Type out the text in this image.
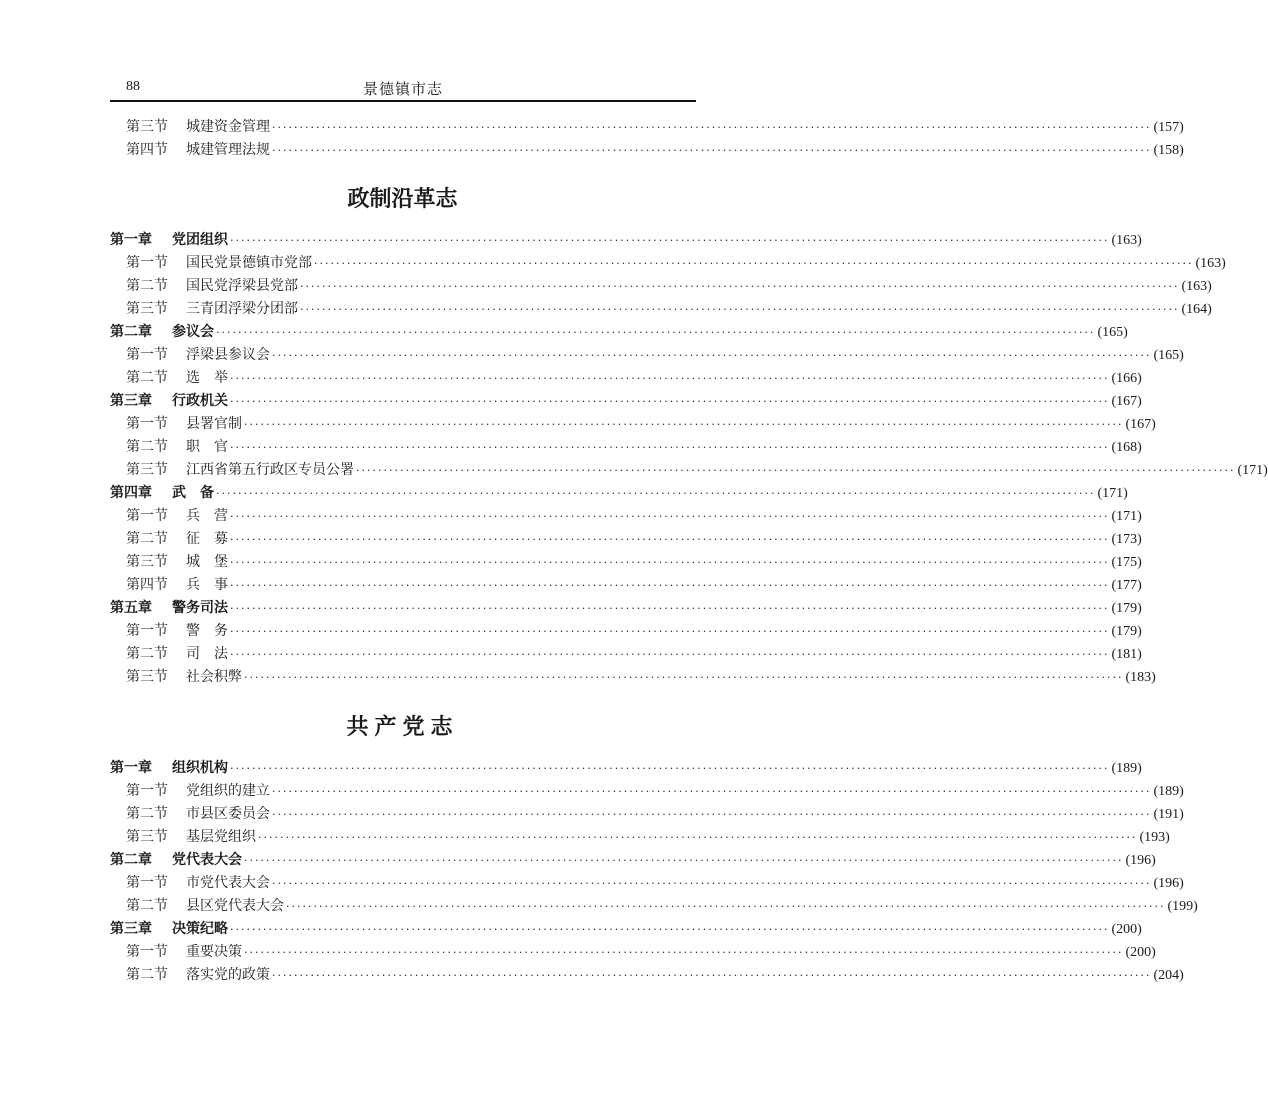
88	景德镇市志
第三节 城建资金管理 ································································································································································ (157)
第四节 城建管理法规 ································································································································································ (158)
政制沿革志
第一章 党团组织 ································································································································································ (163)
第一节 国民党景德镇市党部 ································································································································································ (163)
第二节 国民党浮梁县党部 ································································································································································ (163)
第三节 三青团浮梁分团部 ································································································································································ (164)
第二章 参议会 ································································································································································ (165)
第一节 浮梁县参议会 ································································································································································ (165)
第二节 选　举 ································································································································································ (166)
第三章 行政机关 ································································································································································ (167)
第一节 县署官制 ································································································································································ (167)
第二节 职　官 ································································································································································ (168)
第三节 江西省第五行政区专员公署 ································································································································································ (171)
第四章 武　备 ································································································································································ (171)
第一节 兵　营 ································································································································································ (171)
第二节 征　募 ································································································································································ (173)
第三节 城　堡 ································································································································································ (175)
第四节 兵　事 ································································································································································ (177)
第五章 警务司法 ································································································································································ (179)
第一节 警　务 ································································································································································ (179)
第二节 司　法 ································································································································································ (181)
第三节 社会积弊 ································································································································································ (183)
共产党志
第一章 组织机构 ································································································································································ (189)
第一节 党组织的建立 ································································································································································ (189)
第二节 市县区委员会 ································································································································································ (191)
第三节 基层党组织 ································································································································································ (193)
第二章 党代表大会 ································································································································································ (196)
第一节 市党代表大会 ································································································································································ (196)
第二节 县区党代表大会 ································································································································································ (199)
第三章 决策纪略 ································································································································································ (200)
第一节 重要决策 ································································································································································ (200)
第二节 落实党的政策 ································································································································································ (204)
